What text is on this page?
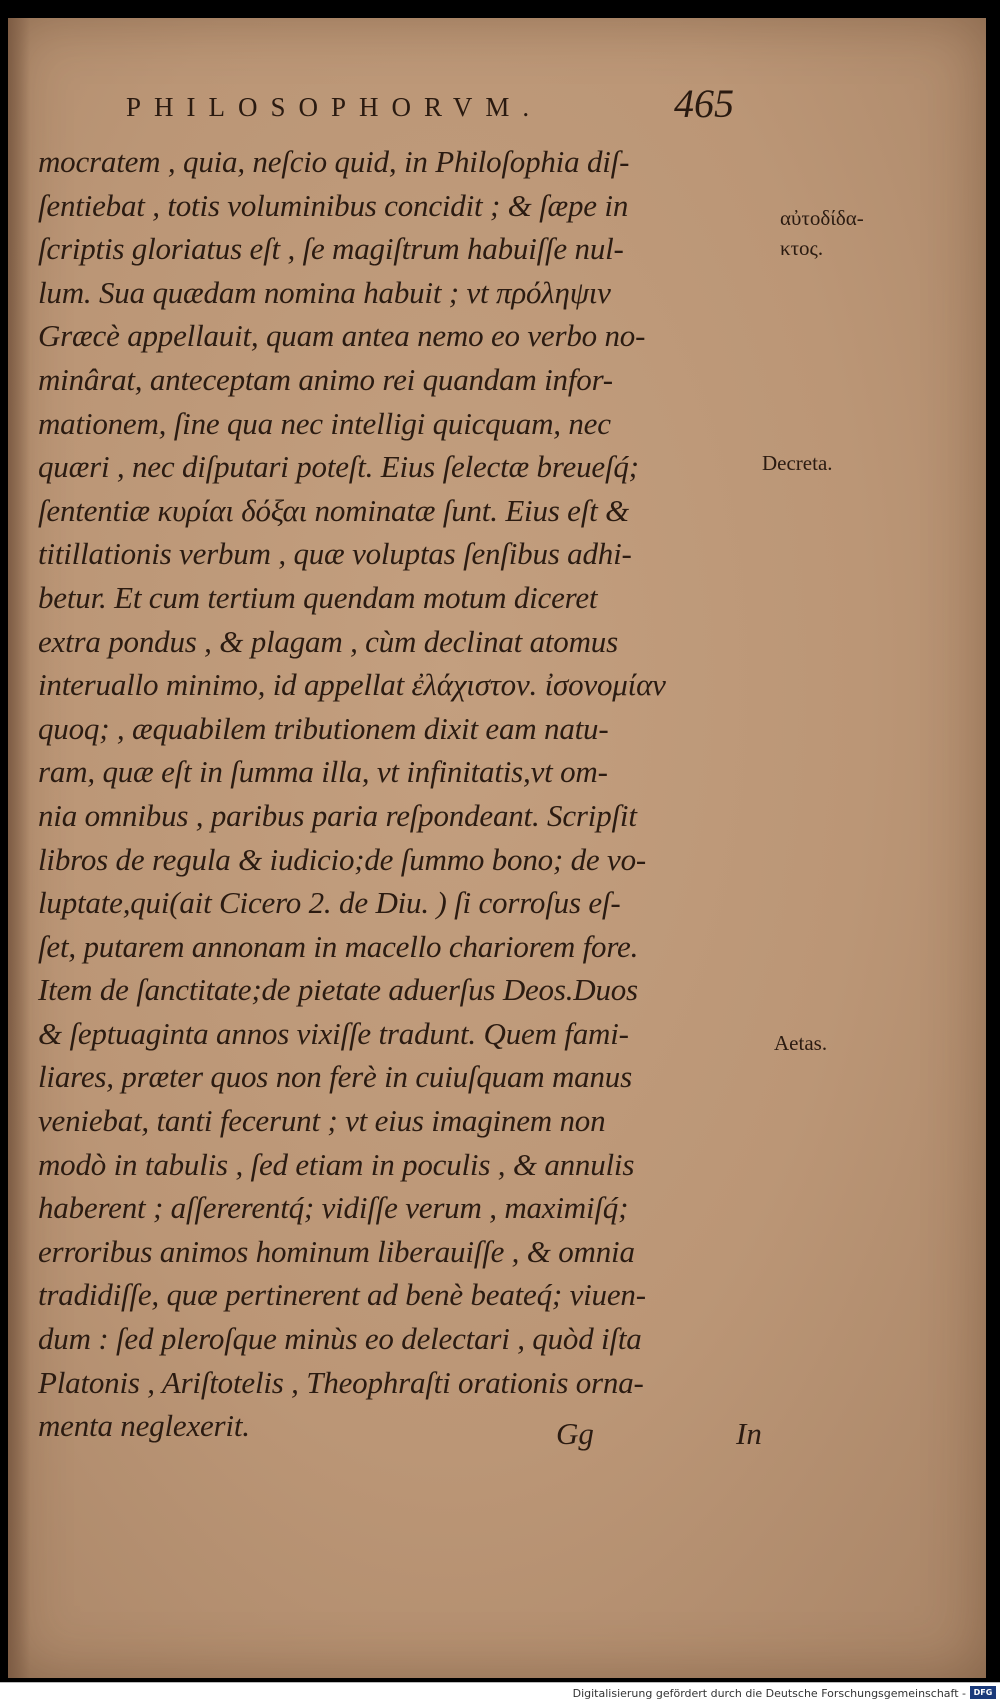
PHILOSOPHORVM.	465
mocratem , quia, neſcio quid, in Philoſophia diſ-
ſentiebat , totis voluminibus concidit ; & ſæpe in
ſcriptis gloriatus eſt , ſe magiſtrum habuiſſe nul-
lum. Sua quædam nomina habuit ; vt πρόληψιν
Græcè appellauit, quam antea nemo eo verbo no-
minârat, anteceptam animo rei quandam infor-
mationem, ſine qua nec intelligi quicquam, nec
quæri , nec diſputari poteſt. Eius ſelectæ breueſq́;
ſententiæ κυρίαι δόξαι nominatæ ſunt. Eius eſt &
titillationis verbum , quæ voluptas ſenſibus adhi-
betur. Et cum tertium quendam motum diceret
extra pondus , & plagam , cùm declinat atomus
interuallo minimo, id appellat ἐλάχιστον. ἰσονομίαν
quoq; , æquabilem tributionem dixit eam natu-
ram, quæ eſt in ſumma illa, vt infinitatis,vt om-
nia omnibus , paribus paria reſpondeant. Scripſit
libros de regula & iudicio;de ſummo bono; de vo-
luptate,qui(ait Cicero 2. de Diu. ) ſi corroſus eſ-
ſet, putarem annonam in macello chariorem fore.
Item de ſanctitate;de pietate aduerſus Deos.Duos
& ſeptuaginta annos vixiſſe tradunt. Quem fami-
liares, præter quos non ferè in cuiuſquam manus
veniebat, tanti fecerunt ; vt eius imaginem non
modò in tabulis , ſed etiam in poculis , & annulis
haberent ; aſſererentq́; vidiſſe verum , maximiſq́;
erroribus animos hominum liberauiſſe , & omnia
tradidiſſe, quæ pertinerent ad benè beateq́; viuen-
dum : ſed pleroſque minùs eo delectari , quòd iſta
Platonis , Ariſtotelis , Theophraſti orationis orna-
menta neglexerit.
αὐτοδίδα-
κτος.
Decreta.
Aetas.
Gg	In
Digitalisierung gefördert durch die Deutsche Forschungsgemeinschaft - DFG
